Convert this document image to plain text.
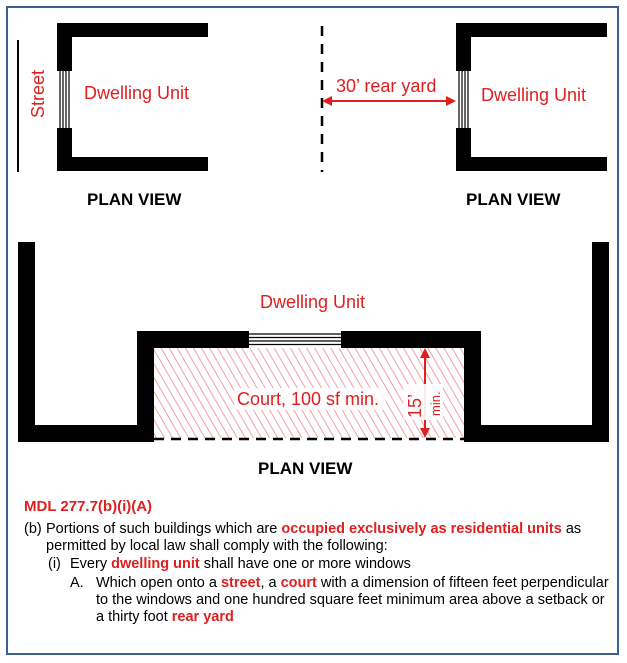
Street Dwelling Unit
PLAN VIEW
30’ rear yard Dwelling Unit
PLAN VIEW
Dwelling Unit
Court, 100 sf min. 15’ min.
PLAN VIEW
MDL 277.7(b)(i)(A)
(b) Portions of such buildings which are occupied exclusively as residential units as permitted by local law shall comply with the following:
(i) Every dwelling unit shall have one or more windows
A. Which open onto a street, a court with a dimension of fifteen feet perpendicular to the windows and one hundred square feet minimum area above a setback or a thirty foot rear yard
